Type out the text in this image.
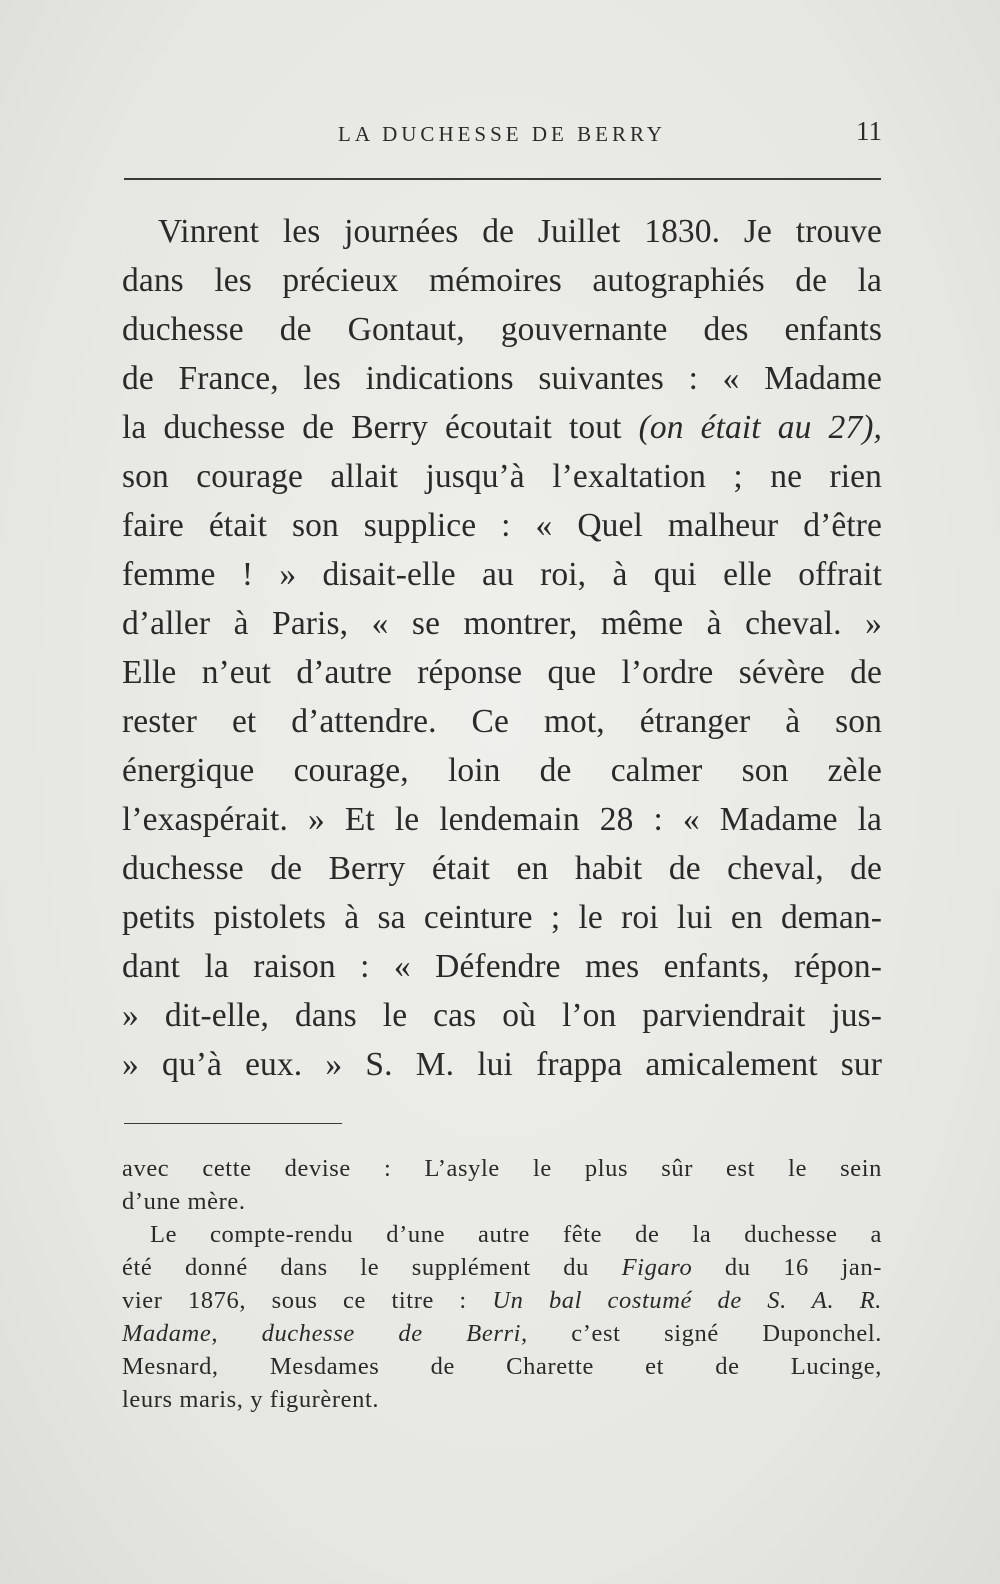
LA DUCHESSE DE BERRY	11
Vinrent les journées de Juillet 1830. Je trouve
dans les précieux mémoires autographiés de la
duchesse de Gontaut, gouvernante des enfants
de France, les indications suivantes : « Madame
la duchesse de Berry écoutait tout (on était au 27),
son courage allait jusqu’à l’exaltation ; ne rien
faire était son supplice : « Quel malheur d’être
femme ! » disait-elle au roi, à qui elle offrait
d’aller à Paris, « se montrer, même à cheval. »
Elle n’eut d’autre réponse que l’ordre sévère de
rester et d’attendre. Ce mot, étranger à son
énergique courage, loin de calmer son zèle
l’exaspérait. » Et le lendemain 28 : « Madame la
duchesse de Berry était en habit de cheval, de
petits pistolets à sa ceinture ; le roi lui en deman-
dant la raison : « Défendre mes enfants, répon-
» dit-elle, dans le cas où l’on parviendrait jus-
» qu’à eux. » S. M. lui frappa amicalement sur
avec cette devise : L’asyle le plus sûr est le sein
d’une mère.
Le compte-rendu d’une autre fête de la duchesse a
été donné dans le supplément du Figaro du 16 jan-
vier 1876, sous ce titre : Un bal costumé de S. A. R.
Madame, duchesse de Berri, c’est signé Duponchel.
Mesnard, Mesdames de Charette et de Lucinge,
leurs maris, y figurèrent.
